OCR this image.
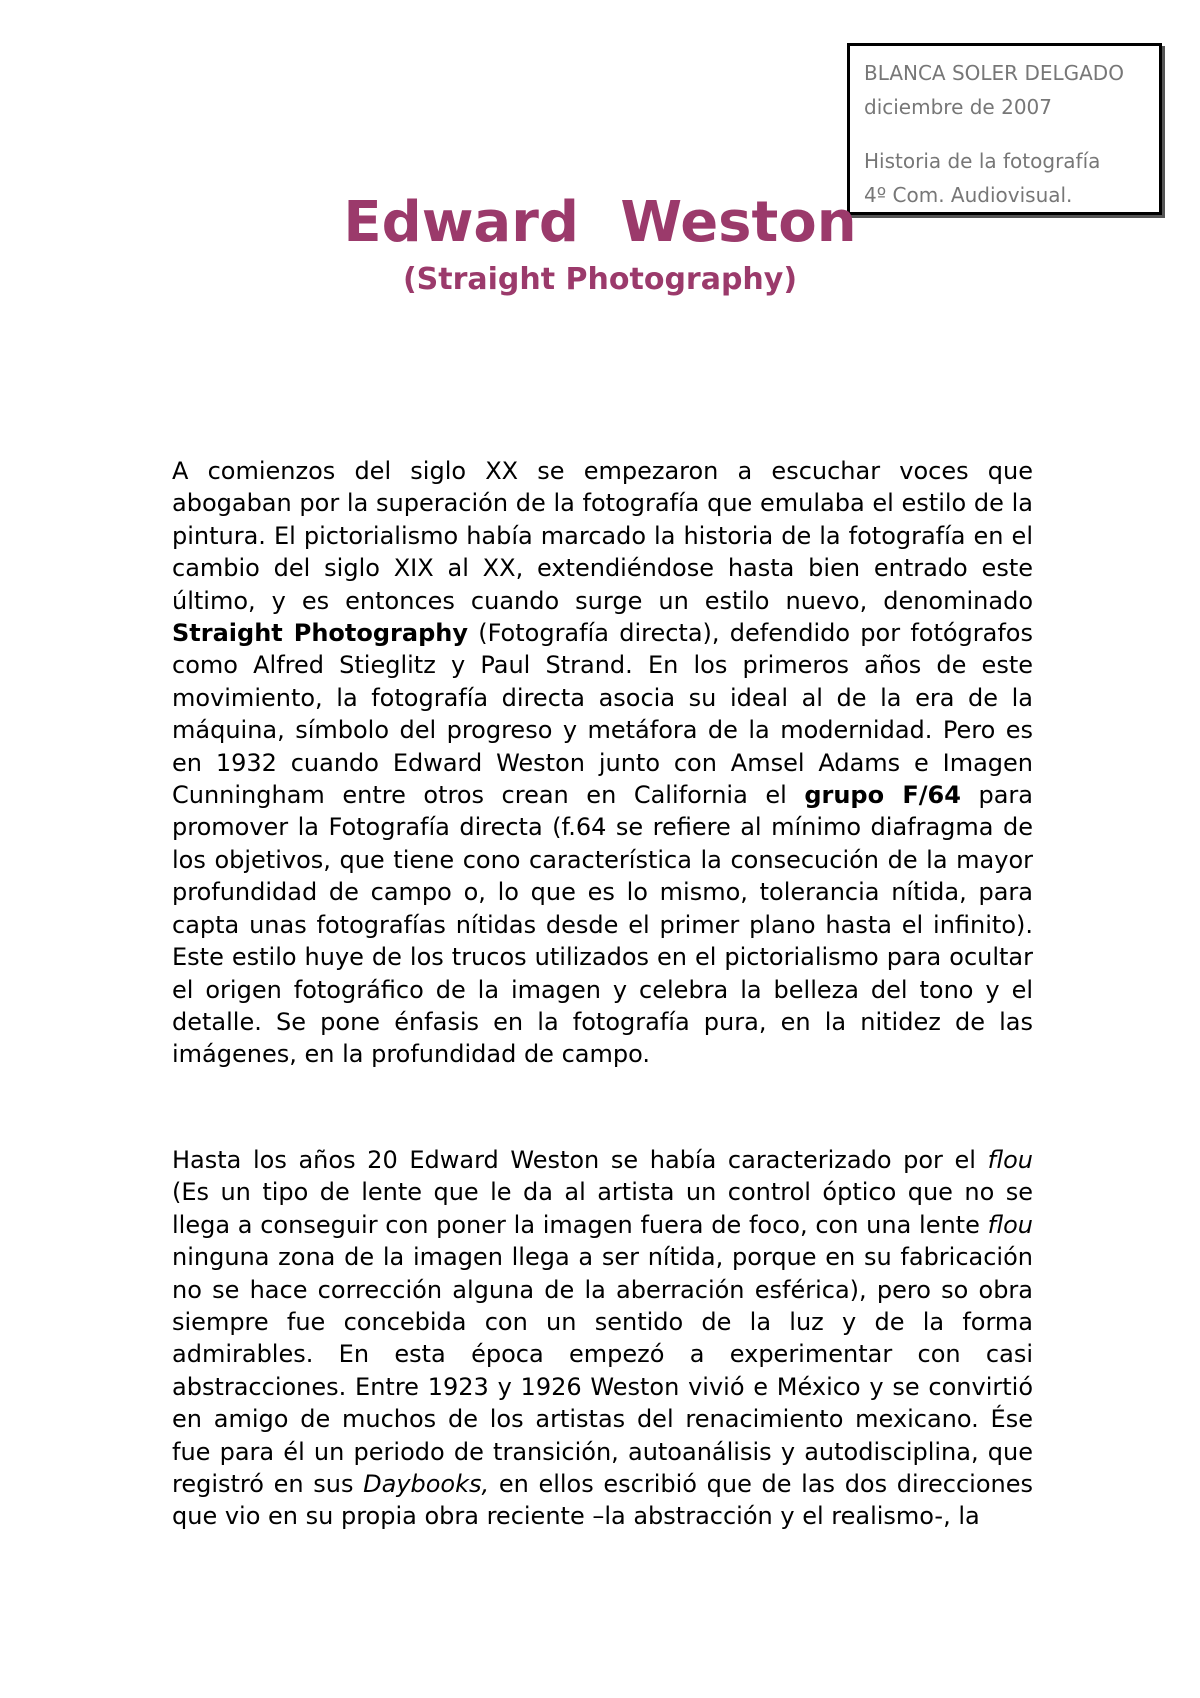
BLANCA SOLER DELGADO
diciembre de 2007
Historia de la fotografía
4º Com. Audiovisual.
Edward Weston
(Straight Photography)

A comienzos del siglo XX se empezaron a escuchar voces que abogaban por la superación de la fotografía que emulaba el estilo de la pintura. El pictorialismo había marcado la historia de la fotografía en el cambio del siglo XIX al XX, extendiéndose hasta bien entrado este último, y es entonces cuando surge un estilo nuevo, denominado Straight Photography (Fotografía directa), defendido por fotógrafos como Alfred Stieglitz y Paul Strand. En los primeros años de este movimiento, la fotografía directa asocia su ideal al de la era de la máquina, símbolo del progreso y metáfora de la modernidad. Pero es en 1932 cuando Edward Weston junto con Amsel Adams e Imagen Cunningham entre otros crean en California el grupo F/64 para promover la Fotografía directa (f.64 se refiere al mínimo diafragma de los objetivos, que tiene cono característica la consecución de la mayor profundidad de campo o, lo que es lo mismo, tolerancia nítida, para capta unas fotografías nítidas desde el primer plano hasta el infinito). Este estilo huye de los trucos utilizados en el pictorialismo para ocultar el origen fotográfico de la imagen y celebra la belleza del tono y el detalle. Se pone énfasis en la fotografía pura, en la nitidez de las imágenes, en la profundidad de campo.

Hasta los años 20 Edward Weston se había caracterizado por el flou (Es un tipo de lente que le da al artista un control óptico que no se llega a conseguir con poner la imagen fuera de foco, con una lente flou ninguna zona de la imagen llega a ser nítida, porque en su fabricación no se hace corrección alguna de la aberración esférica), pero so obra siempre fue concebida con un sentido de la luz y de la forma admirables. En esta época empezó a experimentar con casi abstracciones. Entre 1923 y 1926 Weston vivió e México y se convirtió en amigo de muchos de los artistas del renacimiento mexicano. Ése fue para él un periodo de transición, autoanálisis y autodisciplina, que registró en sus Daybooks, en ellos escribió que de las dos direcciones que vio en su propia obra reciente –la abstracción y el realismo-, la
